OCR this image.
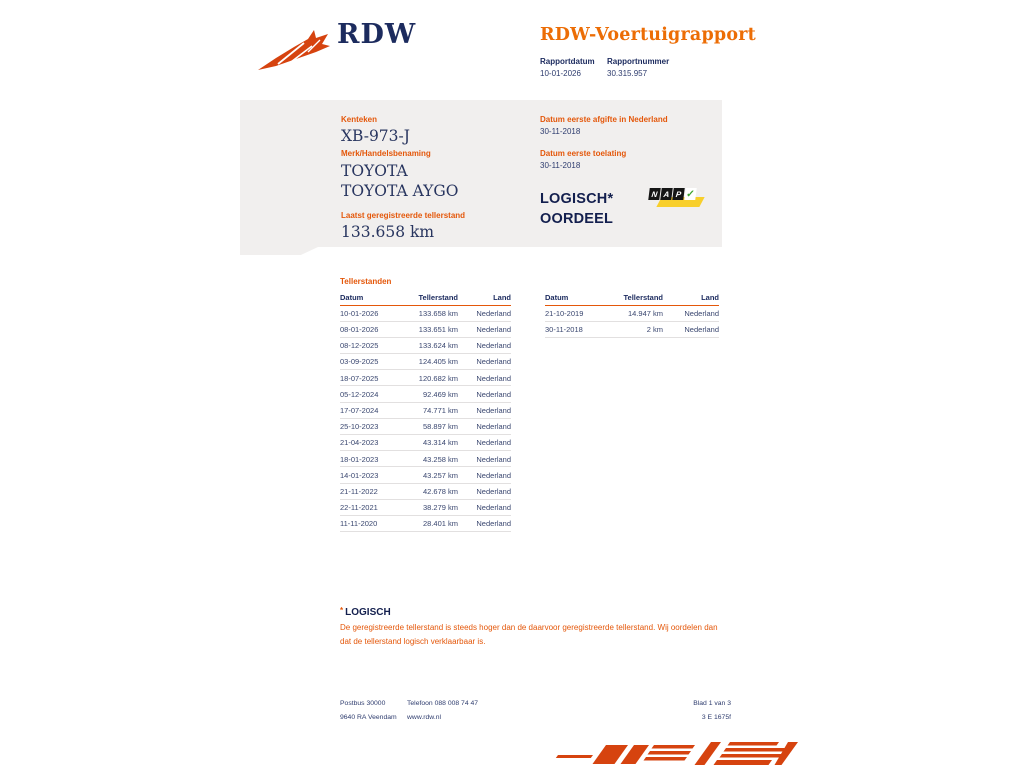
RDW	RDW-Voertuigrapport
Rapportdatum
10-01-2026
Rapportnummer
30.315.957
Kenteken
XB-973-J
Merk/Handelsbenaming
TOYOTA TOYOTA AYGO
Laatst geregistreerde tellerstand
133.658 km
Datum eerste afgifte in Nederland
30-11-2018
Datum eerste toelating
30-11-2018
LOGISCH*
OORDEEL
N A P ✓
Tellerstanden
Datum	Tellerstand	Land
10-01-2026	133.658 km	Nederland
08-01-2026	133.651 km	Nederland
08-12-2025	133.624 km	Nederland
03-09-2025	124.405 km	Nederland
18-07-2025	120.682 km	Nederland
05-12-2024	92.469 km	Nederland
17-07-2024	74.771 km	Nederland
25-10-2023	58.897 km	Nederland
21-04-2023	43.314 km	Nederland
18-01-2023	43.258 km	Nederland
14-01-2023	43.257 km	Nederland
21-11-2022	42.678 km	Nederland
22-11-2021	38.279 km	Nederland
11-11-2020	28.401 km	Nederland
Datum	Tellerstand	Land
21-10-2019	14.947 km	Nederland
30-11-2018	2 km	Nederland
* LOGISCH
De geregistreerde tellerstand is steeds hoger dan de daarvoor geregistreerde tellerstand. Wij oordelen dan
dat de tellerstand logisch verklaarbaar is.
Postbus 30000
9640 RA Veendam
Telefoon 088 008 74 47
www.rdw.nl
Blad 1 van 3
3 E 1675f
